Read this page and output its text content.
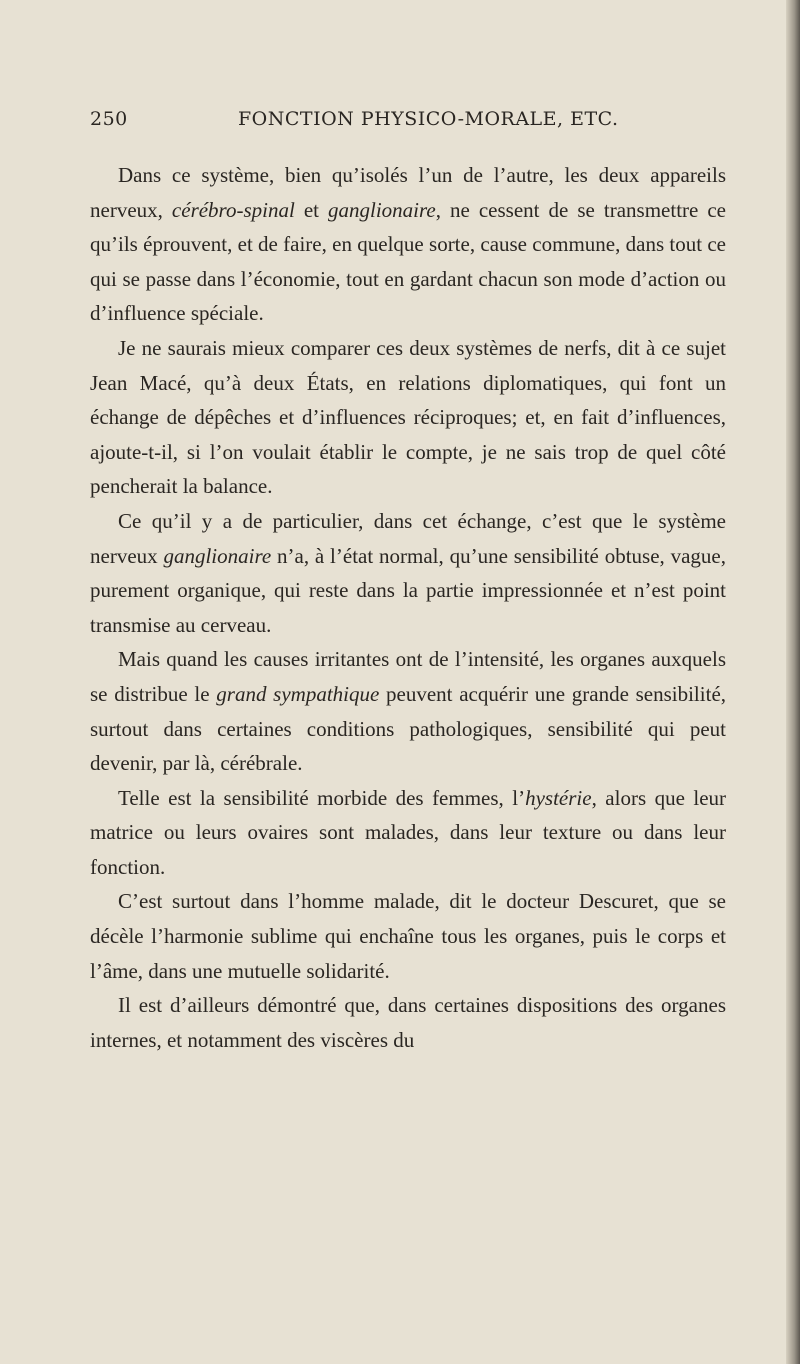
250	FONCTION PHYSICO-MORALE, ETC.

Dans ce système, bien qu’isolés l’un de l’autre, les deux appareils nerveux, cérébro-spinal et ganglionaire, ne cessent de se transmettre ce qu’ils éprouvent, et de faire, en quelque sorte, cause commune, dans tout ce qui se passe dans l’économie, tout en gardant chacun son mode d’action ou d’influence spéciale.

Je ne saurais mieux comparer ces deux systèmes de nerfs, dit à ce sujet Jean Macé, qu’à deux États, en relations diplomatiques, qui font un échange de dépêches et d’influences réciproques; et, en fait d’influences, ajoute-t-il, si l’on voulait établir le compte, je ne sais trop de quel côté pencherait la balance.

Ce qu’il y a de particulier, dans cet échange, c’est que le système nerveux ganglionaire n’a, à l’état normal, qu’une sensibilité obtuse, vague, purement organique, qui reste dans la partie impressionnée et n’est point transmise au cerveau.

Mais quand les causes irritantes ont de l’intensité, les organes auxquels se distribue le grand sympathique peuvent acquérir une grande sensibilité, surtout dans certaines conditions pathologiques, sensibilité qui peut devenir, par là, cérébrale.

Telle est la sensibilité morbide des femmes, l’hystérie, alors que leur matrice ou leurs ovaires sont malades, dans leur texture ou dans leur fonction.

C’est surtout dans l’homme malade, dit le docteur Descuret, que se décèle l’harmonie sublime qui enchaîne tous les organes, puis le corps et l’âme, dans une mutuelle solidarité.

Il est d’ailleurs démontré que, dans certaines dispositions des organes internes, et notamment des viscères du
